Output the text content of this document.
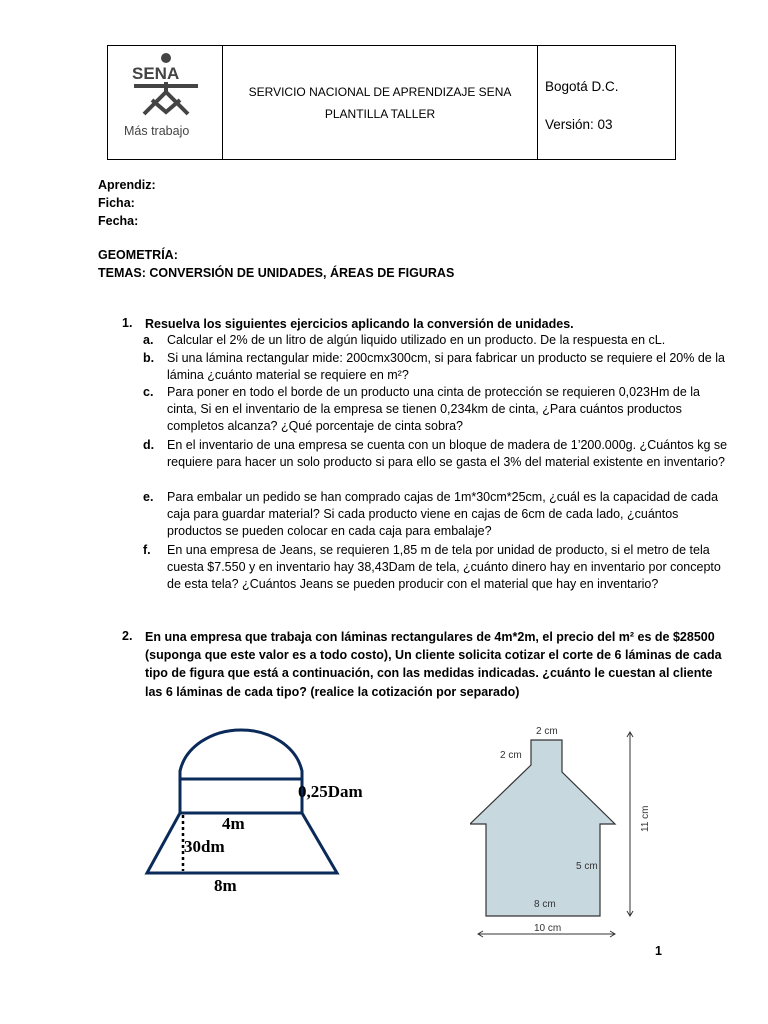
SENA
Más trabajo
SERVICIO NACIONAL DE APRENDIZAJE SENA
PLANTILLA TALLER
Bogotá D.C.
Versión: 03
Aprendiz:
Ficha:
Fecha:
GEOMETRÍA:
TEMAS: CONVERSIÓN DE UNIDADES, ÁREAS DE FIGURAS
1. Resuelva los siguientes ejercicios aplicando la conversión de unidades.
a. Calcular el 2% de un litro de algún liquido utilizado en un producto. De la respuesta en cL.
b. Si una lámina rectangular mide: 200cmx300cm, si para fabricar un producto se requiere el 20% de la lámina ¿cuánto material se requiere en m²?
c. Para poner en todo el borde de un producto una cinta de protección se requieren 0,023Hm de la cinta, Si en el inventario de la empresa se tienen 0,234km de cinta, ¿Para cuántos productos completos alcanza? ¿Qué porcentaje de cinta sobra?
d. En el inventario de una empresa se cuenta con un bloque de madera de 1’200.000g. ¿Cuántos kg se requiere para hacer un solo producto si para ello se gasta el 3% del material existente en inventario?
e. Para embalar un pedido se han comprado cajas de 1m*30cm*25cm, ¿cuál es la capacidad de cada caja para guardar material? Si cada producto viene en cajas de 6cm de cada lado, ¿cuántos productos se pueden colocar en cada caja para embalaje?
f. En una empresa de Jeans, se requieren 1,85 m de tela por unidad de producto, si el metro de tela cuesta $7.550 y en inventario hay 38,43Dam de tela, ¿cuánto dinero hay en inventario por concepto de esta tela? ¿Cuántos Jeans se pueden producir con el material que hay en inventario?
2. En una empresa que trabaja con láminas rectangulares de 4m*2m, el precio del m² es de $28500 (suponga que este valor es a todo costo), Un cliente solicita cotizar el corte de 6 láminas de cada tipo de figura que está a continuación, con las medidas indicadas. ¿cuánto le cuestan al cliente las 6 láminas de cada tipo? (realice la cotización por separado)
0,25Dam
4m
30dm
8m
2 cm
2 cm
11 cm
5 cm
8 cm
10 cm
1
